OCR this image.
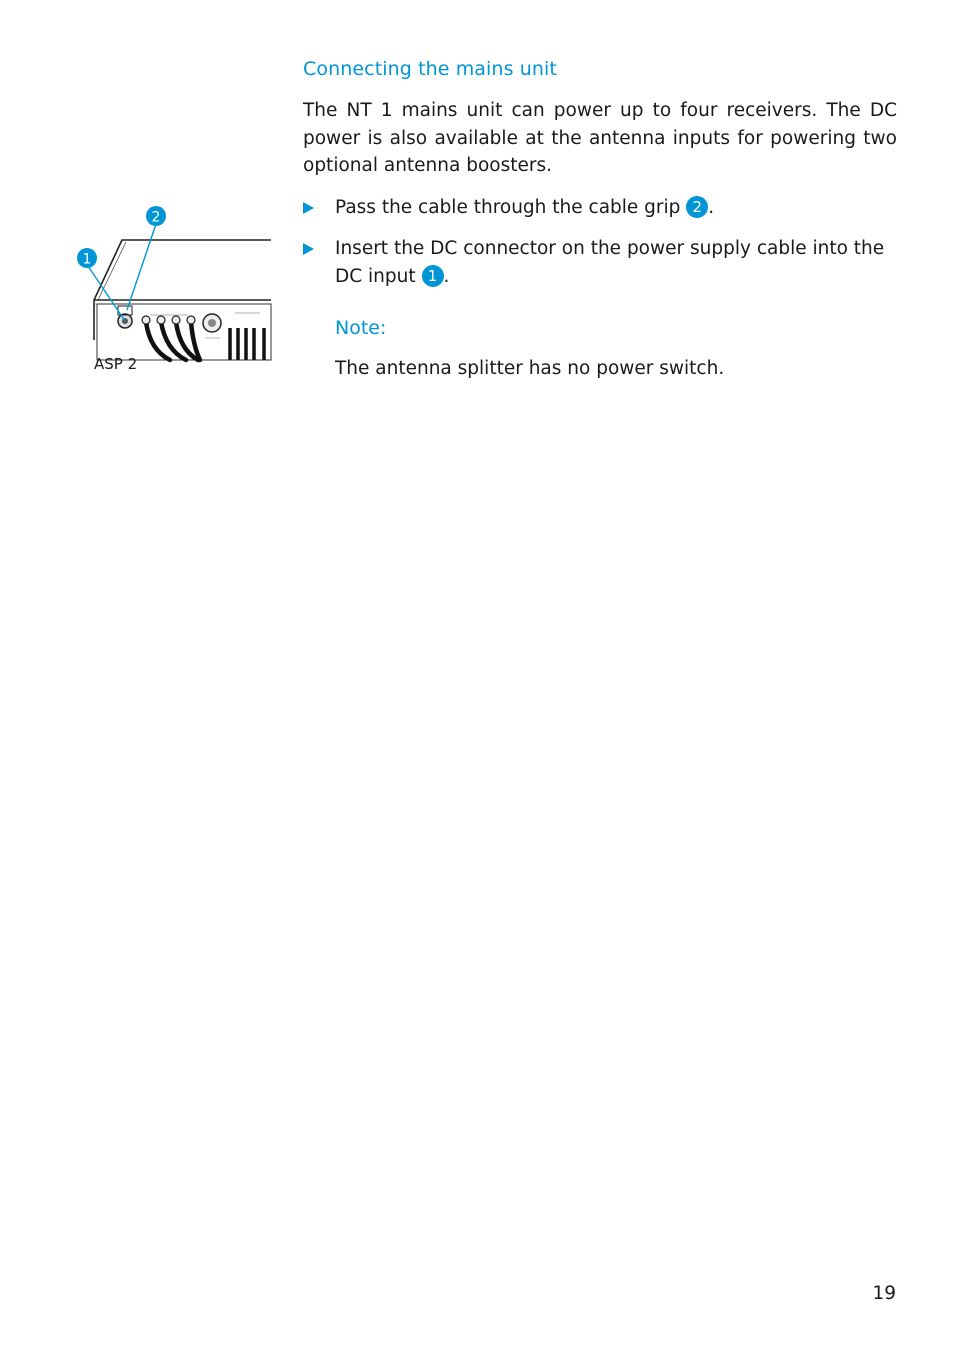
Connecting the mains unit
The NT 1 mains unit can power up to four receivers. The DC power is also available at the antenna inputs for powering two optional antenna boosters.
Pass the cable through the cable grip 2 .
Insert the DC connector on the power supply cable into the DC input 1 .
Note:
The antenna splitter has no power switch.
2
1
ASP 2
19
